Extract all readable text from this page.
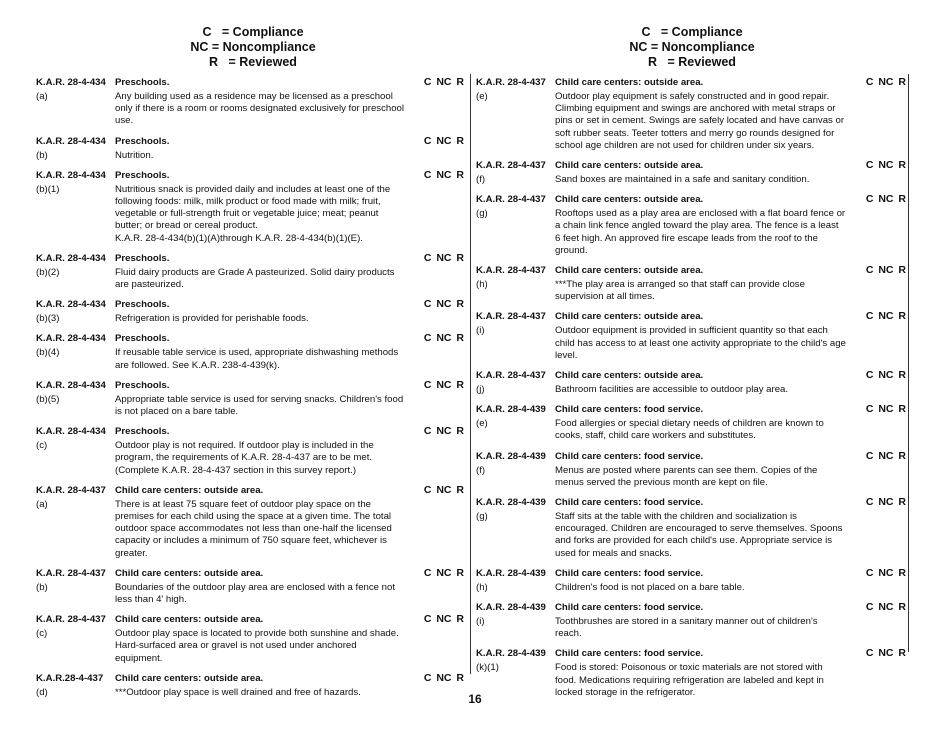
C   = Compliance
NC = Noncompliance
R   = Reviewed
C   = Compliance
NC = Noncompliance
R   = Reviewed
K.A.R. 28-4-434 Preschools.	C NC R
(a)	Any building used as a residence may be licensed as a preschool only if there is a room or rooms designated exclusively for preschool use.
K.A.R. 28-4-434 Preschools.	C NC R
(b)	Nutrition.
K.A.R. 28-4-434 Preschools.	C NC R
(b)(1)	Nutritious snack is provided daily and includes at least one of the following foods: milk, milk product or food made with milk; fruit, vegetable or full-strength fruit or vegetable juice; meat; peanut butter; or bread or cereal product.
K.A.R. 28-4-434(b)(1)(A)through K.A.R. 28-4-434(b)(1)(E).
K.A.R. 28-4-434 Preschools.	C NC R
(b)(2)	Fluid dairy products are Grade A pasteurized. Solid dairy products are pasteurized.
K.A.R. 28-4-434 Preschools.	C NC R
(b)(3)	Refrigeration is provided for perishable foods.
K.A.R. 28-4-434 Preschools.	C NC R
(b)(4)	If reusable table service is used, appropriate dishwashing methods are followed. See K.A.R. 238-4-439(k).
K.A.R. 28-4-434 Preschools.	C NC R
(b)(5)	Appropriate table service is used for serving snacks. Children's food is not placed on a bare table.
K.A.R. 28-4-434 Preschools.	C NC R
(c)	Outdoor play is not required. If outdoor play is included in the program, the requirements of K.A.R. 28-4-437 are to be met. (Complete K.A.R. 28-4-437 section in this survey report.)
K.A.R. 28-4-437 Child care centers: outside area.	C NC R
(a)	There is at least 75 square feet of outdoor play space on the premises for each child using the space at a given time. The total outdoor space accommodates not less than one-half the licensed capacity or includes a minimum of 750 square feet, whichever is greater.
K.A.R. 28-4-437 Child care centers: outside area.	C NC R
(b)	Boundaries of the outdoor play area are enclosed with a fence not less than 4' high.
K.A.R. 28-4-437 Child care centers: outside area.	C NC R
(c)	Outdoor play space is located to provide both sunshine and shade. Hard-surfaced area or gravel is not used under anchored equipment.
K.A.R.28-4-437	Child care centers: outside area.	C NC R
(d)	***Outdoor play space is well drained and free of hazards.
K.A.R. 28-4-437 Child care centers: outside area.	C NC R
(e)	Outdoor play equipment is safely constructed and in good repair. Climbing equipment and swings are anchored with metal straps or pins or set in cement. Swings are safely located and have canvas or soft rubber seats. Teeter totters and merry go rounds designed for school age children are not used for children under six years.
K.A.R. 28-4-437 Child care centers: outside area.	C NC R
(f)	Sand boxes are maintained in a safe and sanitary condition.
K.A.R. 28-4-437 Child care centers: outside area.	C NC R
(g)	Rooftops used as a play area are enclosed with a flat board fence or a chain link fence angled toward the play area. The fence is a least 6 feet high. An approved fire escape leads from the roof to the ground.
K.A.R. 28-4-437 Child care centers: outside area.	C NC R
(h)	***The play area is arranged so that staff can provide close supervision at all times.
K.A.R. 28-4-437 Child care centers: outside area.	C NC R
(i)	Outdoor equipment is provided in sufficient quantity so that each child has access to at least one activity appropriate to the child's age level.
K.A.R. 28-4-437 Child care centers: outside area.	C NC R
(j)	Bathroom facilities are accessible to outdoor play area.
K.A.R. 28-4-439 Child care centers: food service.	C NC R
(e)	Food allergies or special dietary needs of children are known to cooks, staff, child care workers and substitutes.
K.A.R. 28-4-439 Child care centers: food service.	C NC R
(f)	Menus are posted where parents can see them. Copies of the menus served the previous month are kept on file.
K.A.R. 28-4-439 Child care centers: food service.	C NC R
(g)	Staff sits at the table with the children and socialization is encouraged. Children are encouraged to serve themselves. Spoons and forks are provided for each child's use. Appropriate service is used for meals and snacks.
K.A.R. 28-4-439 Child care centers: food service.	C NC R
(h)	Children's food is not placed on a bare table.
K.A.R. 28-4-439 Child care centers: food service.	C NC R
(i)	Toothbrushes are stored in a sanitary manner out of children's reach.
K.A.R. 28-4-439 Child care centers: food service.	C NC R
(k)(1)	Food is stored: Poisonous or toxic materials are not stored with food. Medications requiring refrigeration are labeled and kept in locked storage in the refrigerator.
16
